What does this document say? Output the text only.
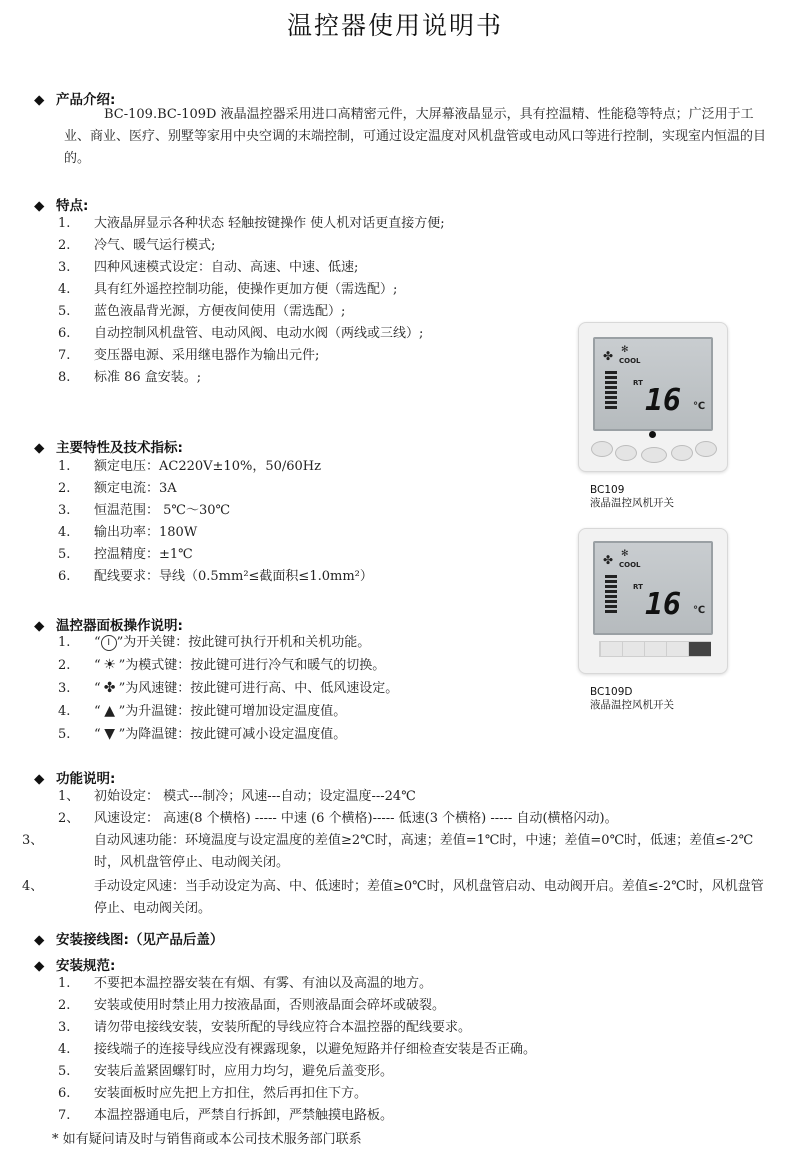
温控器使用说明书
◆ 产品介绍:
BC-109.BC-109D 液晶温控器采用进口高精密元件，大屏幕液晶显示，具有控温精、性能稳等特点；广泛用于工业、商业、医疗、别墅等家用中央空调的末端控制，可通过设定温度对风机盘管或电动风口等进行控制，实现室内恒温的目的。
◆ 特点:
1. 大液晶屏显示各种状态 轻触按键操作 使人机对话更直接方便;
2. 冷气、暖气运行模式;
3. 四种风速模式设定：自动、高速、中速、低速;
4. 具有红外遥控控制功能，使操作更加方便（需选配）;
5. 蓝色液晶背光源，方便夜间使用（需选配）;
6. 自动控制风机盘管、电动风阀、电动水阀（两线或三线）;
7. 变压器电源、采用继电器作为输出元件;
8. 标准 86 盒安装。;
◆ 主要特性及技术指标:
1. 额定电压：AC220V±10%，50/60Hz
2. 额定电流：3A
3. 恒温范围： 5℃～30℃
4. 输出功率：180W
5. 控温精度：±1℃
6. 配线要求：导线（0.5mm²≤截面积≤1.0mm²）
◆ 温控器面板操作说明:
1. “ I ”为开关键：按此键可执行开机和关机功能。
2. “ ☀ ”为模式键：按此键可进行冷气和暖气的切换。
3. “ ✤ ”为风速键：按此键可进行高、中、低风速设定。
4. “ ▲ ”为升温键：按此键可增加设定温度值。
5. “ ▼ ”为降温键：按此键可减小设定温度值。
◆ 功能说明:
1、 初始设定： 模式---制冷；风速---自动；设定温度---24℃
2、 风速设定： 高速(8 个横格) ----- 中速 (6 个横格)----- 低速(3 个横格) ----- 自动(横格闪动)。
3、	自动风速功能：环境温度与设定温度的差值≥2℃时，高速；差值=1℃时，中速；差值=0℃时，低速；差值≤-2℃时，风机盘管停止、电动阀关闭。
4、	手动设定风速：当手动设定为高、中、低速时；差值≥0℃时，风机盘管启动、电动阀开启。差值≤-2℃时，风机盘管停止、电动阀关闭。
◆ 安装接线图:（见产品后盖）
◆ 安装规范:
1. 不要把本温控器安装在有烟、有雾、有油以及高温的地方。
2. 安装或使用时禁止用力按液晶面，否则液晶面会碎坏或破裂。
3. 请勿带电接线安装，安装所配的导线应符合本温控器的配线要求。
4. 接线端子的连接导线应没有裸露现象，以避免短路并仔细检查安装是否正确。
5. 安装后盖紧固螺钉时，应用力均匀，避免后盖变形。
6. 安装面板时应先把上方扣住，然后再扣住下方。
7. 本温控器通电后，严禁自行拆卸，严禁触摸电路板。
* 如有疑问请及时与销售商或本公司技术服务部门联系
✤ ✻
COOL
RT 16 ℃
BC109
液晶温控风机开关
✤ ✻
COOL
RT 16 ℃
BC109D
液晶温控风机开关
